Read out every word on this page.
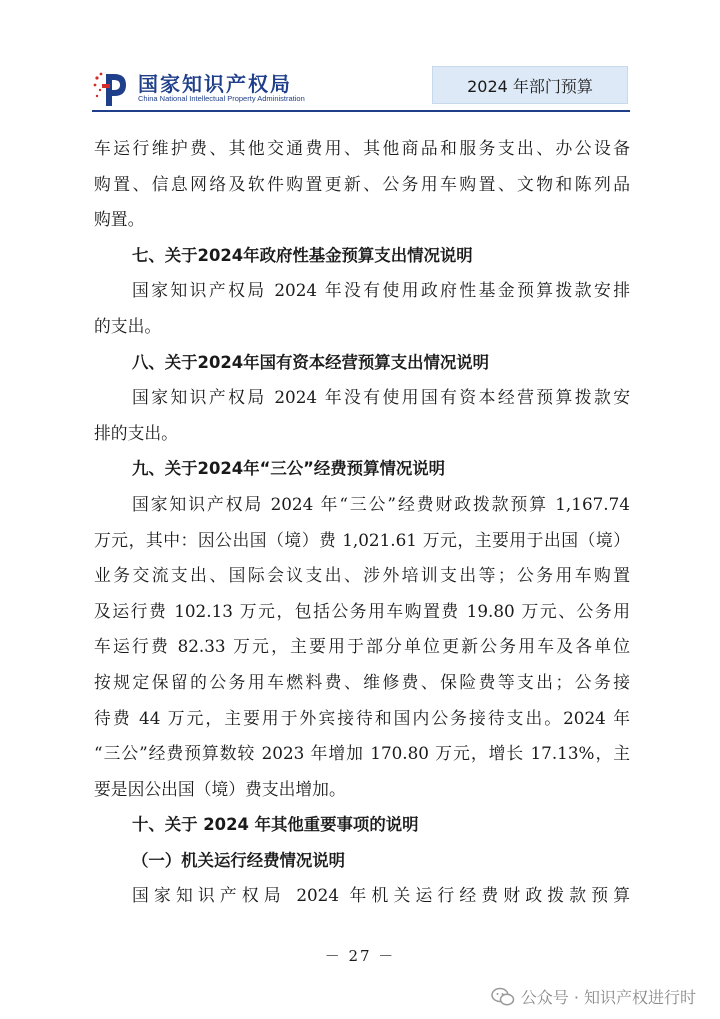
国家知识产权局
China National Intellectual Property Administration
2024 年部门预算
车运行维护费、其他交通费用、其他商品和服务支出、办公设备
购置、信息网络及软件购置更新、公务用车购置、文物和陈列品
购置。
七、关于2024年政府性基金预算支出情况说明
国家知识产权局 2024 年没有使用政府性基金预算拨款安排
的支出。
八、关于2024年国有资本经营预算支出情况说明
国家知识产权局 2024 年没有使用国有资本经营预算拨款安
排的支出。
九、关于2024年“三公”经费预算情况说明
国家知识产权局 2024 年“三公”经费财政拨款预算 1,167.74
万元，其中：因公出国（境）费 1,021.61 万元，主要用于出国（境）
业务交流支出、国际会议支出、涉外培训支出等；公务用车购置
及运行费 102.13 万元，包括公务用车购置费 19.80 万元、公务用
车运行费 82.33 万元，主要用于部分单位更新公务用车及各单位
按规定保留的公务用车燃料费、维修费、保险费等支出；公务接
待费 44 万元，主要用于外宾接待和国内公务接待支出。2024 年
“三公”经费预算数较 2023 年增加 170.80 万元，增长 17.13%，主
要是因公出国（境）费支出增加。
十、关于 2024 年其他重要事项的说明
（一）机关运行经费情况说明
国家知识产权局 2024 年机关运行经费财政拨款预算
－ 27 －
公众号 · 知识产权进行时
